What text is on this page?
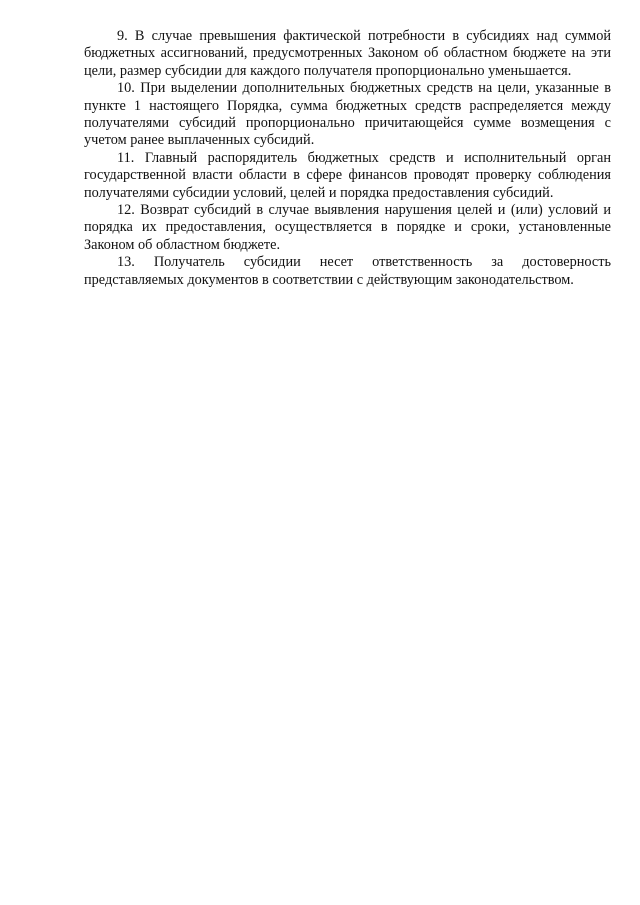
9. В случае превышения фактической потребности в субсидиях над суммой бюджетных ассигнований, предусмотренных Законом об областном бюджете на эти цели, размер субсидии для каждого получателя пропорционально уменьшается.

10. При выделении дополнительных бюджетных средств на цели, указанные в пункте 1 настоящего Порядка, сумма бюджетных средств распределяется между получателями субсидий пропорционально причитающейся сумме возмещения с учетом ранее выплаченных субсидий.

11. Главный распорядитель бюджетных средств и исполнительный орган государственной власти области в сфере финансов проводят проверку соблюдения получателями субсидии условий, целей и порядка предоставления субсидий.

12. Возврат субсидий в случае выявления нарушения целей и (или) условий и порядка их предоставления, осуществляется в порядке и сроки, установленные Законом об областном бюджете.

13. Получатель субсидии несет ответственность за достоверность представляемых документов в соответствии с действующим законодательством.
